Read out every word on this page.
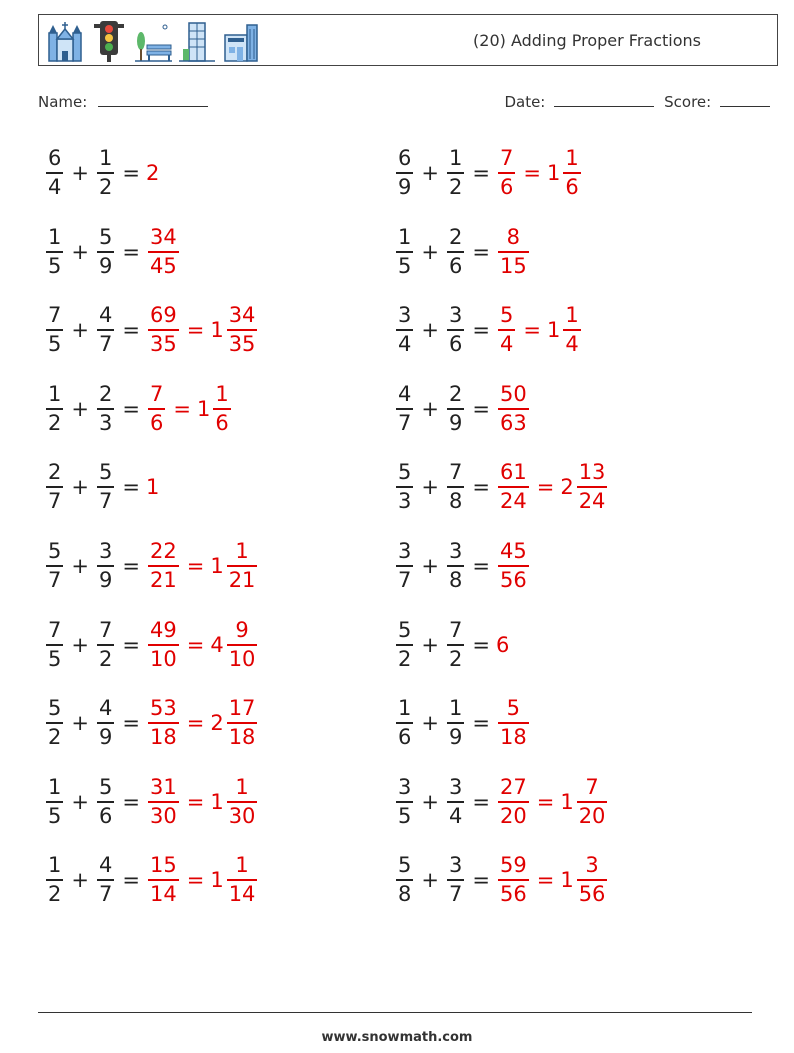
(20) Adding Proper Fractions
Name:	Date:	Score:
$\frac{6}{4} + \frac{1}{2} = 2$
$\frac{1}{5} + \frac{5}{9} = \frac{34}{45}$
$\frac{7}{5} + \frac{4}{7} = \frac{69}{35} = 1 \frac{34}{35}$
$\frac{1}{2} + \frac{2}{3} = \frac{7}{6} = 1 \frac{1}{6}$
$\frac{2}{7} + \frac{5}{7} = 1$
$\frac{5}{7} + \frac{3}{9} = \frac{22}{21} = 1 \frac{1}{21}$
$\frac{7}{5} + \frac{7}{2} = \frac{49}{10} = 4 \frac{9}{10}$
$\frac{5}{2} + \frac{4}{9} = \frac{53}{18} = 2 \frac{17}{18}$
$\frac{1}{5} + \frac{5}{6} = \frac{31}{30} = 1 \frac{1}{30}$
$\frac{1}{2} + \frac{4}{7} = \frac{15}{14} = 1 \frac{1}{14}$
$\frac{6}{9} + \frac{1}{2} = \frac{7}{6} = 1 \frac{1}{6}$
$\frac{1}{5} + \frac{2}{6} = \frac{8}{15}$
$\frac{3}{4} + \frac{3}{6} = \frac{5}{4} = 1 \frac{1}{4}$
$\frac{4}{7} + \frac{2}{9} = \frac{50}{63}$
$\frac{5}{3} + \frac{7}{8} = \frac{61}{24} = 2 \frac{13}{24}$
$\frac{3}{7} + \frac{3}{8} = \frac{45}{56}$
$\frac{5}{2} + \frac{7}{2} = 6$
$\frac{1}{6} + \frac{1}{9} = \frac{5}{18}$
$\frac{3}{5} + \frac{3}{4} = \frac{27}{20} = 1 \frac{7}{20}$
$\frac{5}{8} + \frac{3}{7} = \frac{59}{56} = 1 \frac{3}{56}$
www.snowmath.com
